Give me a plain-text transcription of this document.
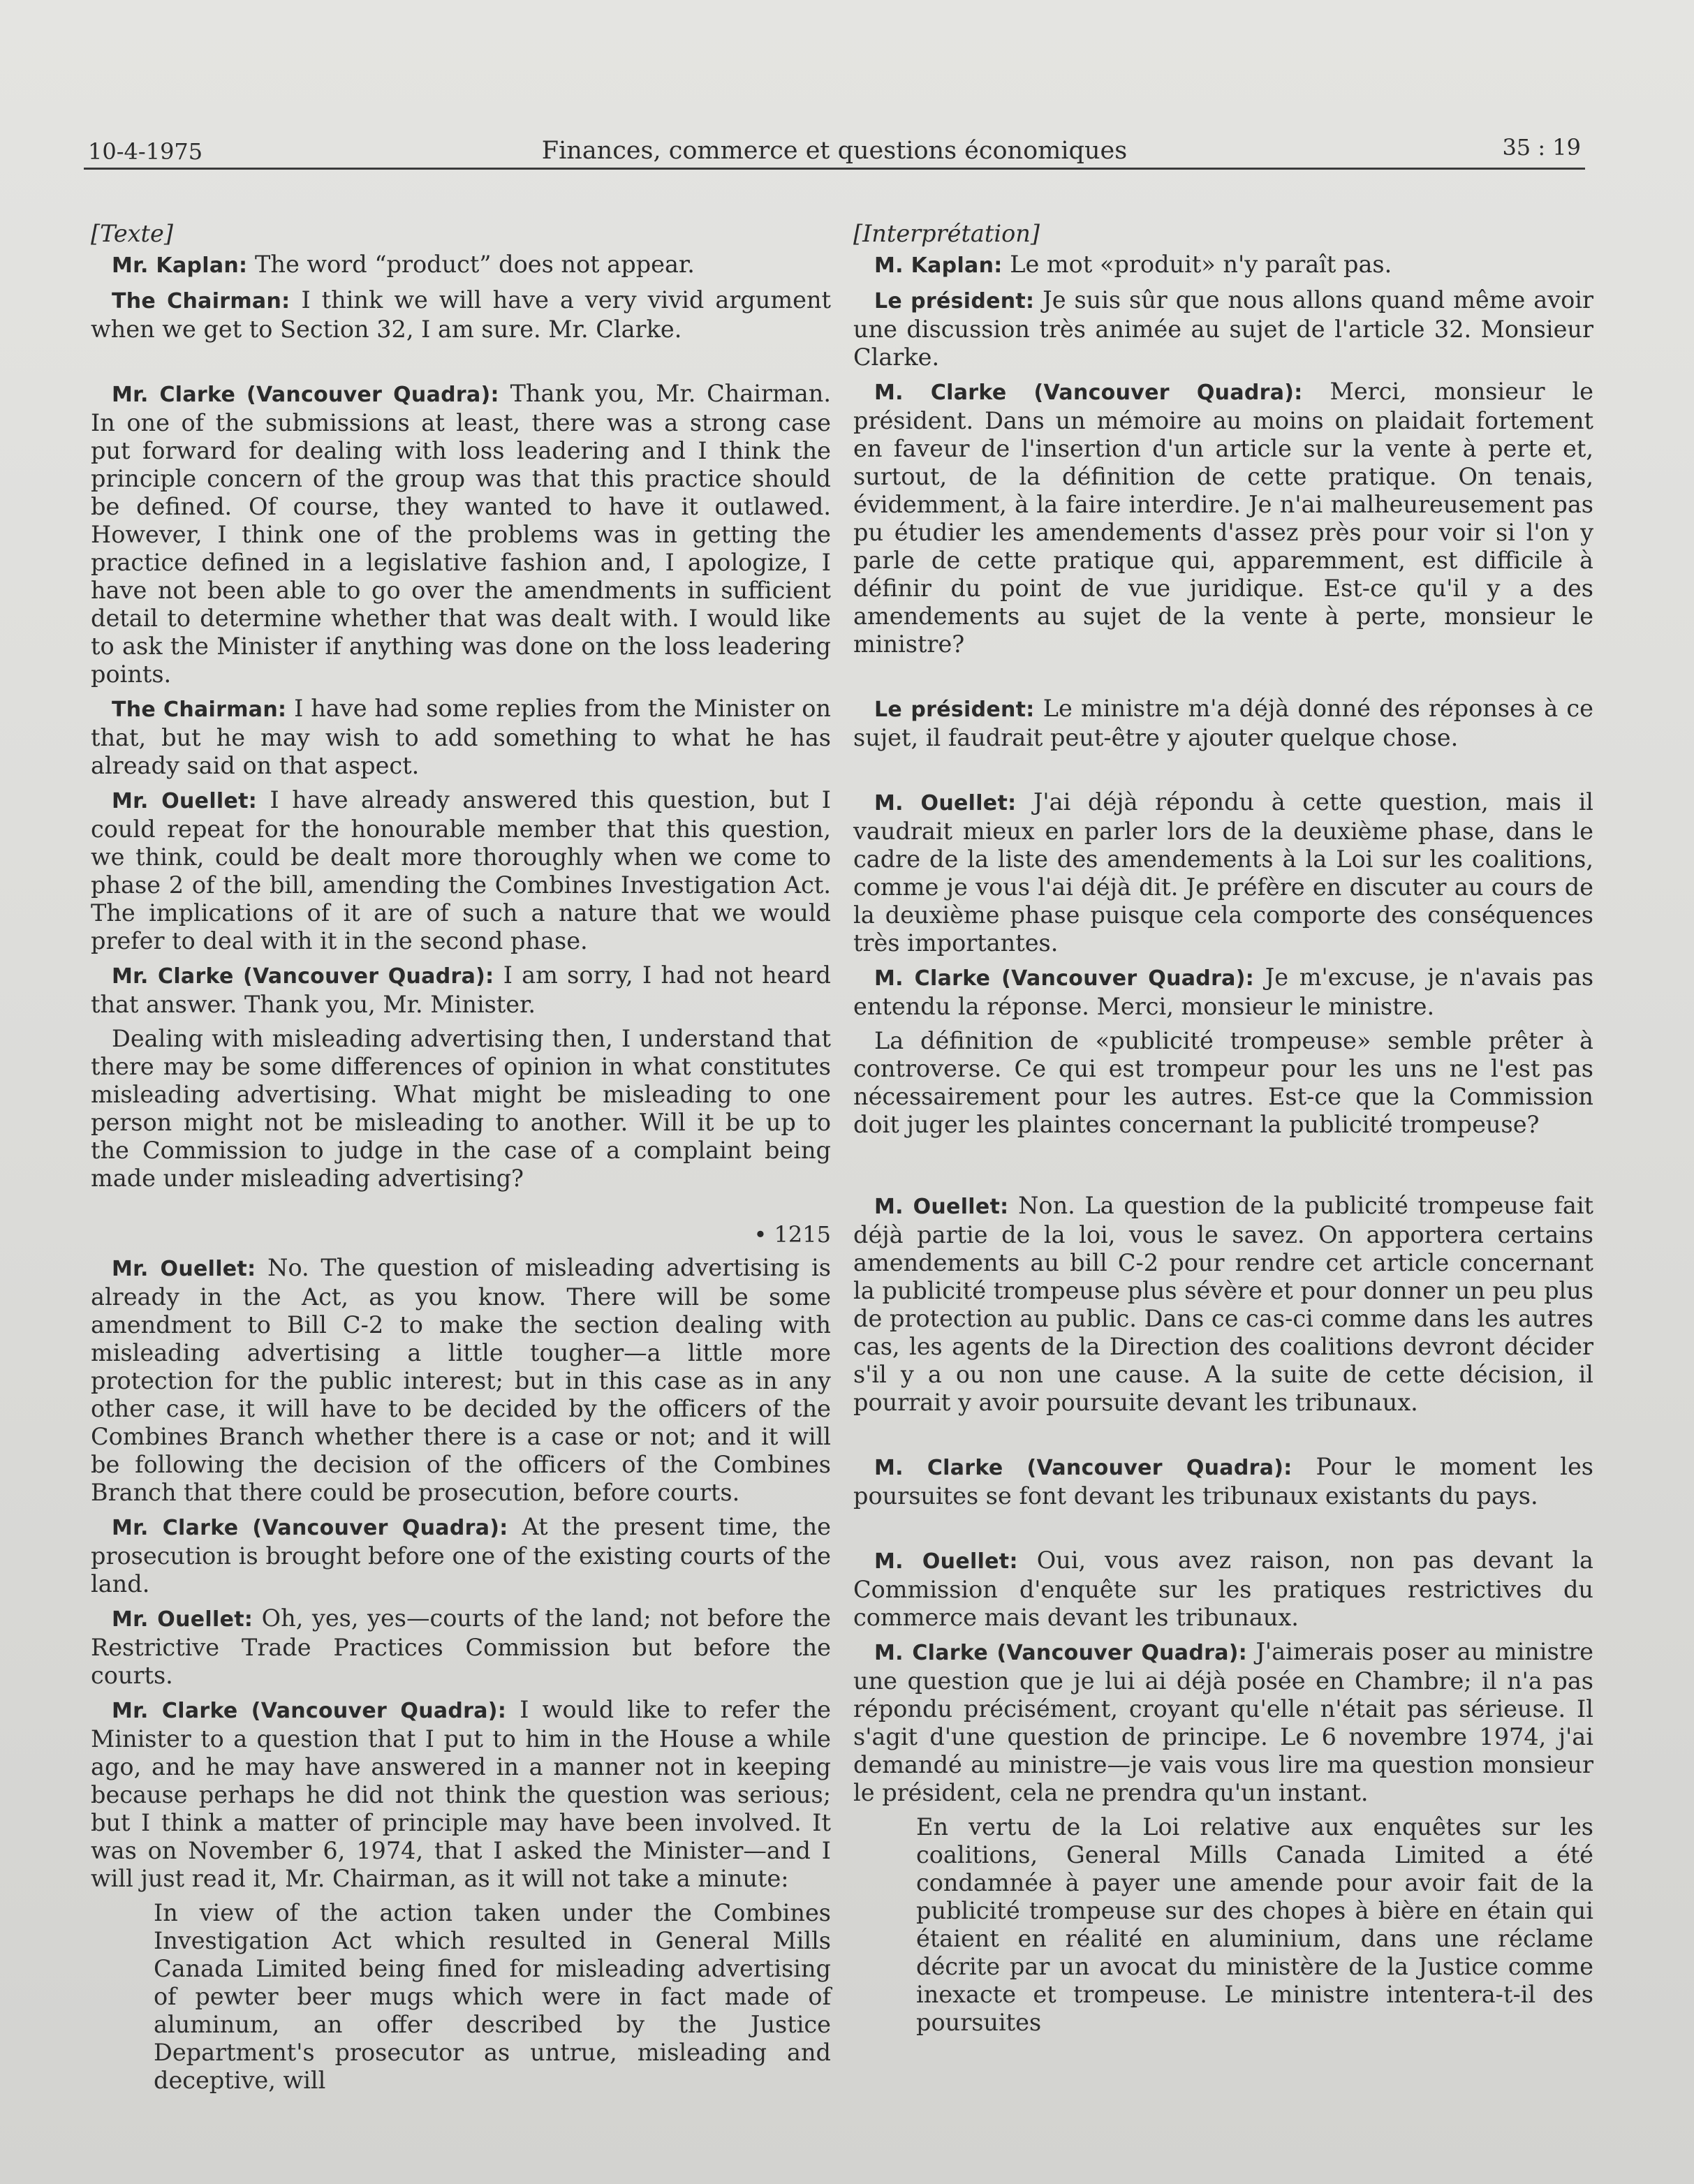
10-4-1975	Finances, commerce et questions économiques	35 : 19
[Texte]

Mr. Kaplan: The word “product” does not appear.

The Chairman: I think we will have a very vivid argument when we get to Section 32, I am sure. Mr. Clarke.

Mr. Clarke (Vancouver Quadra): Thank you, Mr. Chairman. In one of the submissions at least, there was a strong case put forward for dealing with loss leadering and I think the principle concern of the group was that this practice should be defined. Of course, they wanted to have it outlawed. However, I think one of the problems was in getting the practice defined in a legislative fashion and, I apologize, I have not been able to go over the amendments in sufficient detail to determine whether that was dealt with. I would like to ask the Minister if anything was done on the loss leadering points.

The Chairman: I have had some replies from the Minister on that, but he may wish to add something to what he has already said on that aspect.

Mr. Ouellet: I have already answered this question, but I could repeat for the honourable member that this question, we think, could be dealt more thoroughly when we come to phase 2 of the bill, amending the Combines Investigation Act. The implications of it are of such a nature that we would prefer to deal with it in the second phase.

Mr. Clarke (Vancouver Quadra): I am sorry, I had not heard that answer. Thank you, Mr. Minister.

Dealing with misleading advertising then, I understand that there may be some differences of opinion in what constitutes misleading advertising. What might be misleading to one person might not be misleading to another. Will it be up to the Commission to judge in the case of a complaint being made under misleading advertising?

• 1215

Mr. Ouellet: No. The question of misleading advertising is already in the Act, as you know. There will be some amendment to Bill C-2 to make the section dealing with misleading advertising a little tougher—a little more protection for the public interest; but in this case as in any other case, it will have to be decided by the officers of the Combines Branch whether there is a case or not; and it will be following the decision of the officers of the Combines Branch that there could be prosecution, before courts.

Mr. Clarke (Vancouver Quadra): At the present time, the prosecution is brought before one of the existing courts of the land.

Mr. Ouellet: Oh, yes, yes—courts of the land; not before the Restrictive Trade Practices Commission but before the courts.

Mr. Clarke (Vancouver Quadra): I would like to refer the Minister to a question that I put to him in the House a while ago, and he may have answered in a manner not in keeping because perhaps he did not think the question was serious; but I think a matter of principle may have been involved. It was on November 6, 1974, that I asked the Minister—and I will just read it, Mr. Chairman, as it will not take a minute:

In view of the action taken under the Combines Investigation Act which resulted in General Mills Canada Limited being fined for misleading advertising of pewter beer mugs which were in fact made of aluminum, an offer described by the Justice Department's prosecutor as untrue, misleading and deceptive, will
[Interprétation]

M. Kaplan: Le mot «produit» n'y paraît pas.

Le président: Je suis sûr que nous allons quand même avoir une discussion très animée au sujet de l'article 32. Monsieur Clarke.

M. Clarke (Vancouver Quadra): Merci, monsieur le président. Dans un mémoire au moins on plaidait fortement en faveur de l'insertion d'un article sur la vente à perte et, surtout, de la définition de cette pratique. On tenais, évidemment, à la faire interdire. Je n'ai malheureusement pas pu étudier les amendements d'assez près pour voir si l'on y parle de cette pratique qui, apparemment, est difficile à définir du point de vue juridique. Est-ce qu'il y a des amendements au sujet de la vente à perte, monsieur le ministre?

Le président: Le ministre m'a déjà donné des réponses à ce sujet, il faudrait peut-être y ajouter quelque chose.

M. Ouellet: J'ai déjà répondu à cette question, mais il vaudrait mieux en parler lors de la deuxième phase, dans le cadre de la liste des amendements à la Loi sur les coalitions, comme je vous l'ai déjà dit. Je préfère en discuter au cours de la deuxième phase puisque cela comporte des conséquences très importantes.

M. Clarke (Vancouver Quadra): Je m'excuse, je n'avais pas entendu la réponse. Merci, monsieur le ministre.

La définition de «publicité trompeuse» semble prêter à controverse. Ce qui est trompeur pour les uns ne l'est pas nécessairement pour les autres. Est-ce que la Commission doit juger les plaintes concernant la publicité trompeuse?

M. Ouellet: Non. La question de la publicité trompeuse fait déjà partie de la loi, vous le savez. On apportera certains amendements au bill C-2 pour rendre cet article concernant la publicité trompeuse plus sévère et pour donner un peu plus de protection au public. Dans ce cas-ci comme dans les autres cas, les agents de la Direction des coalitions devront décider s'il y a ou non une cause. A la suite de cette décision, il pourrait y avoir poursuite devant les tribunaux.

M. Clarke (Vancouver Quadra): Pour le moment les poursuites se font devant les tribunaux existants du pays.

M. Ouellet: Oui, vous avez raison, non pas devant la Commission d'enquête sur les pratiques restrictives du commerce mais devant les tribunaux.

M. Clarke (Vancouver Quadra): J'aimerais poser au ministre une question que je lui ai déjà posée en Chambre; il n'a pas répondu précisément, croyant qu'elle n'était pas sérieuse. Il s'agit d'une question de principe. Le 6 novembre 1974, j'ai demandé au ministre—je vais vous lire ma question monsieur le président, cela ne prendra qu'un instant.

En vertu de la Loi relative aux enquêtes sur les coalitions, General Mills Canada Limited a été condamnée à payer une amende pour avoir fait de la publicité trompeuse sur des chopes à bière en étain qui étaient en réalité en aluminium, dans une réclame décrite par un avocat du ministère de la Justice comme inexacte et trompeuse. Le ministre intentera-t-il des poursuites
